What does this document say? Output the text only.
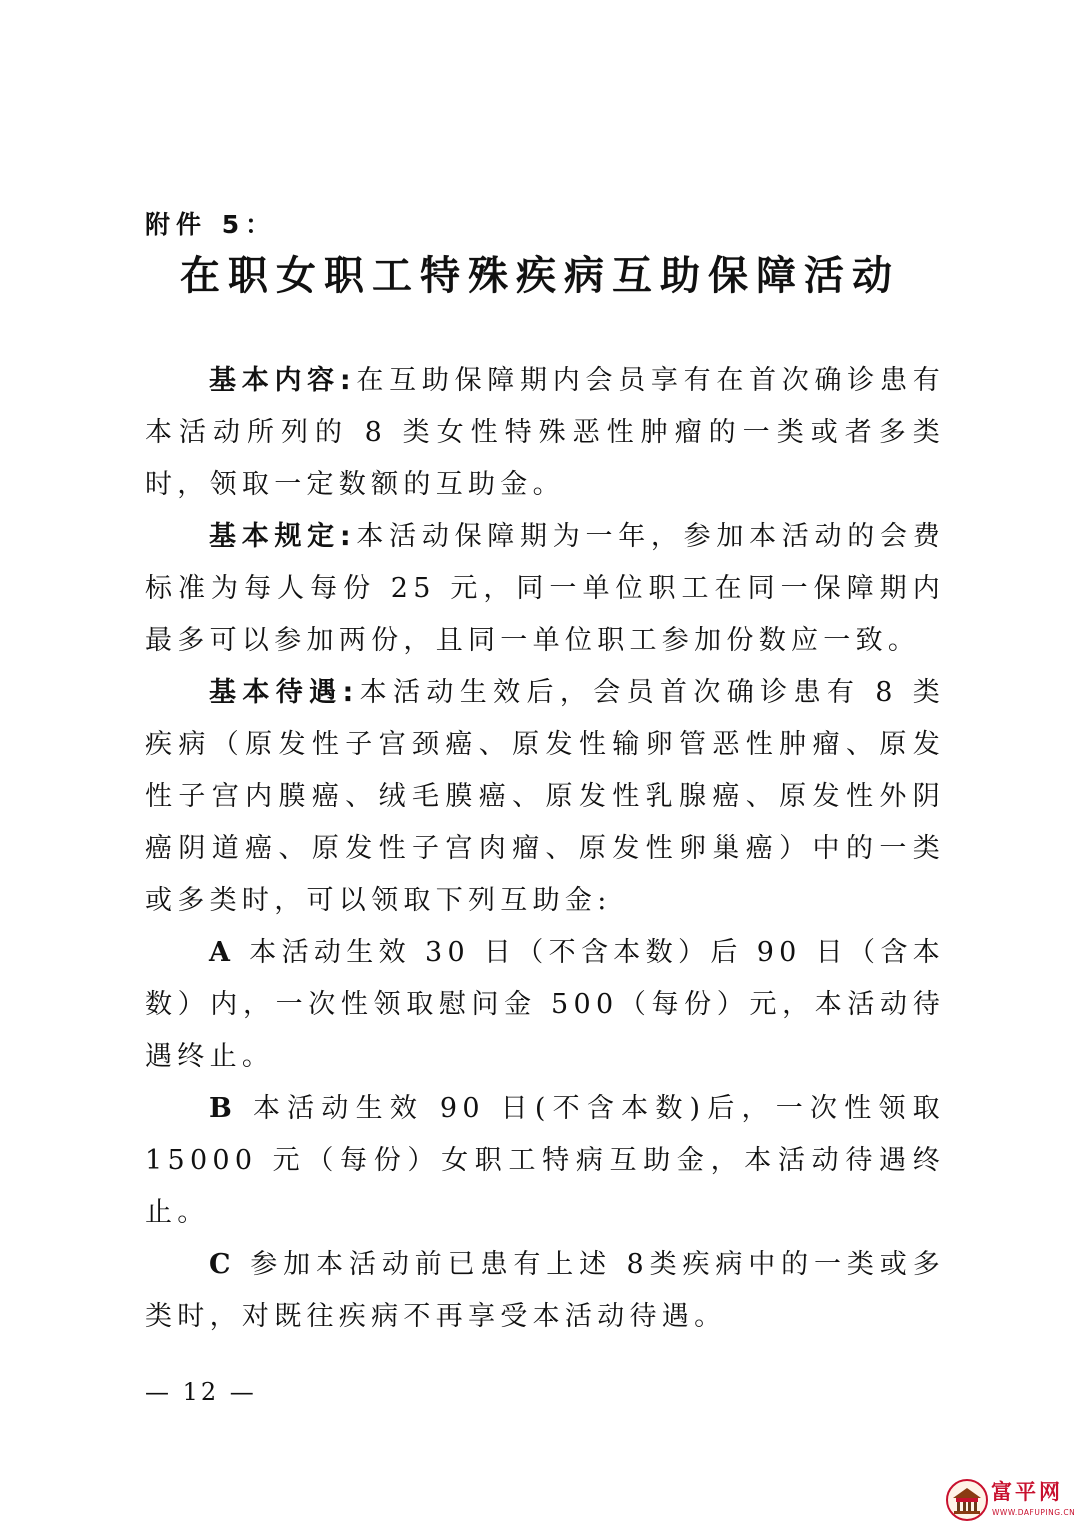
附件 5：
在职女职工特殊疾病互助保障活动

基本内容:在互助保障期内会员享有在首次确诊患有本活动所列的 8 类女性特殊恶性肿瘤的一类或者多类时，领取一定数额的互助金。

基本规定:本活动保障期为一年，参加本活动的会费标准为每人每份 25 元，同一单位职工在同一保障期内最多可以参加两份，且同一单位职工参加份数应一致。

基本待遇:本活动生效后，会员首次确诊患有 8 类疾病（原发性子宫颈癌、原发性输卵管恶性肿瘤、原发性子宫内膜癌、绒毛膜癌、原发性乳腺癌、原发性外阴癌阴道癌、原发性子宫肉瘤、原发性卵巢癌）中的一类或多类时，可以领取下列互助金:

A 本活动生效 30 日（不含本数）后 90 日（含本数）内，一次性领取慰问金 500（每份）元，本活动待遇终止。

B 本活动生效 90 日(不含本数)后，一次性领取 15000 元（每份）女职工特病互助金，本活动待遇终止。

C 参加本活动前已患有上述 8类疾病中的一类或多类时，对既往疾病不再享受本活动待遇。

— 12 —
富平网
WWW.DAFUPING.CN
